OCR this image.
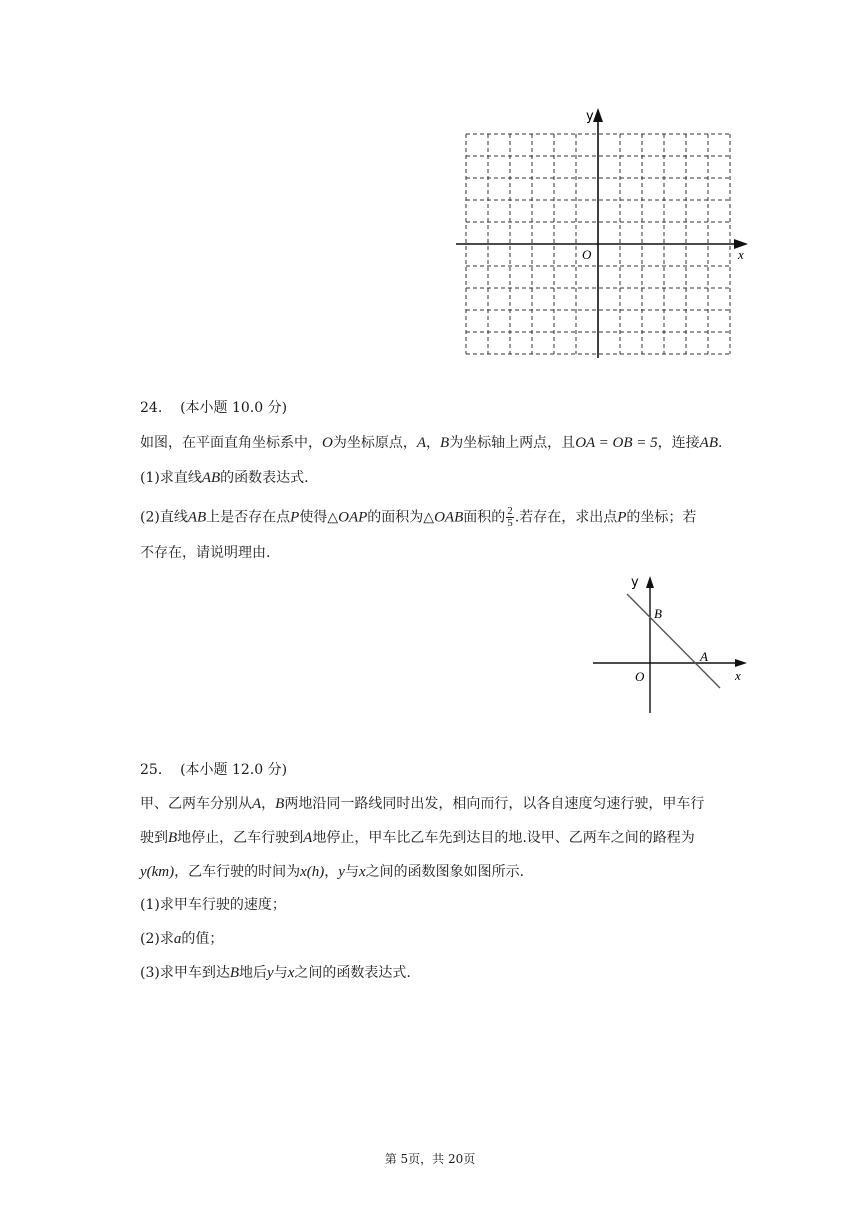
y
x
O
24. (本小题 10.0 分)
如图，在平面直角坐标系中，O为坐标原点，A，B为坐标轴上两点，且OA = OB = 5，连接AB.
(1)求直线AB的函数表达式.
(2)直线AB上是否存在点P使得△OAP的面积为△OAB面积的 $\frac{2}{5}$ .若存在，求出点P的坐标；若
不存在，请说明理由.
y
x
O
B
A
25. (本小题 12.0 分)
甲、乙两车分别从A，B两地沿同一路线同时出发，相向而行，以各自速度匀速行驶，甲车行
驶到B地停止，乙车行驶到A地停止，甲车比乙车先到达目的地.设甲、乙两车之间的路程为
y(km)，乙车行驶的时间为x(h)，y与x之间的函数图象如图所示.
(1)求甲车行驶的速度；
(2)求a的值；
(3)求甲车到达B地后y与x之间的函数表达式.
第 5页，共 20页
